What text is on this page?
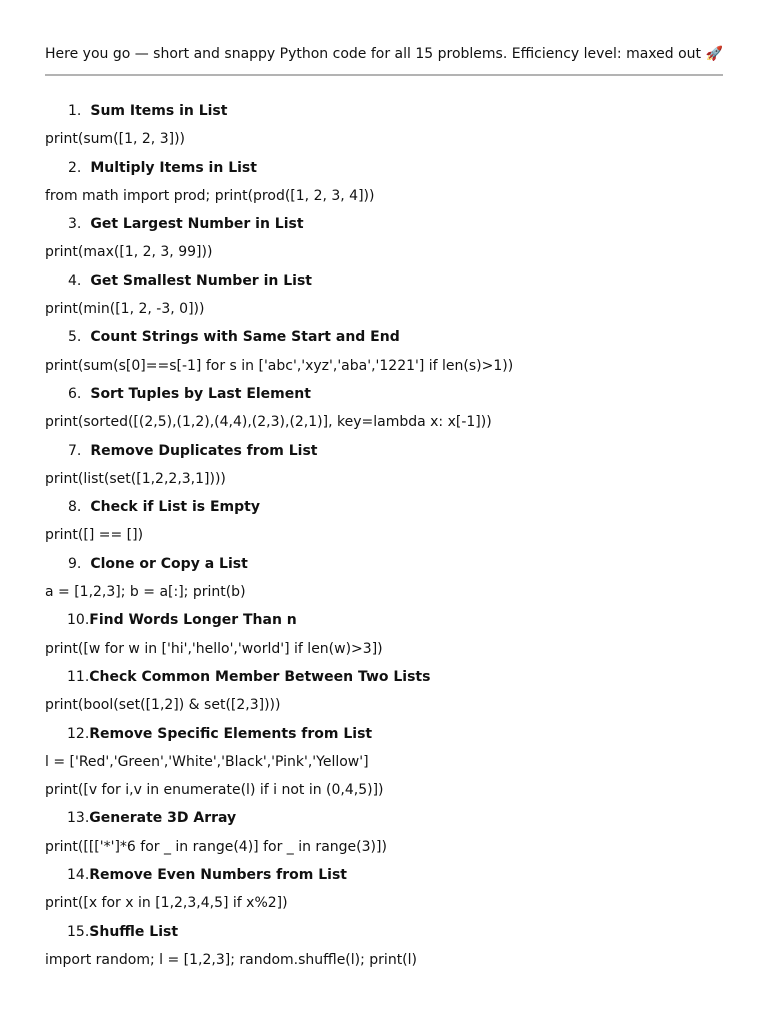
Here you go — short and snappy Python code for all 15 problems. Efficiency level: maxed out 🚀
1. Sum Items in List
print(sum([1, 2, 3]))
2. Multiply Items in List
from math import prod; print(prod([1, 2, 3, 4]))
3. Get Largest Number in List
print(max([1, 2, 3, 99]))
4. Get Smallest Number in List
print(min([1, 2, -3, 0]))
5. Count Strings with Same Start and End
print(sum(s[0]==s[-1] for s in ['abc','xyz','aba','1221'] if len(s)>1))
6. Sort Tuples by Last Element
print(sorted([(2,5),(1,2),(4,4),(2,3),(2,1)], key=lambda x: x[-1]))
7. Remove Duplicates from List
print(list(set([1,2,2,3,1])))
8. Check if List is Empty
print([] == [])
9. Clone or Copy a List
a = [1,2,3]; b = a[:]; print(b)
10.Find Words Longer Than n
print([w for w in ['hi','hello','world'] if len(w)>3])
11.Check Common Member Between Two Lists
print(bool(set([1,2]) & set([2,3])))
12.Remove Specific Elements from List
l = ['Red','Green','White','Black','Pink','Yellow']
print([v for i,v in enumerate(l) if i not in (0,4,5)])
13.Generate 3D Array
print([[['*']*6 for _ in range(4)] for _ in range(3)])
14.Remove Even Numbers from List
print([x for x in [1,2,3,4,5] if x%2])
15.Shuffle List
import random; l = [1,2,3]; random.shuffle(l); print(l)
